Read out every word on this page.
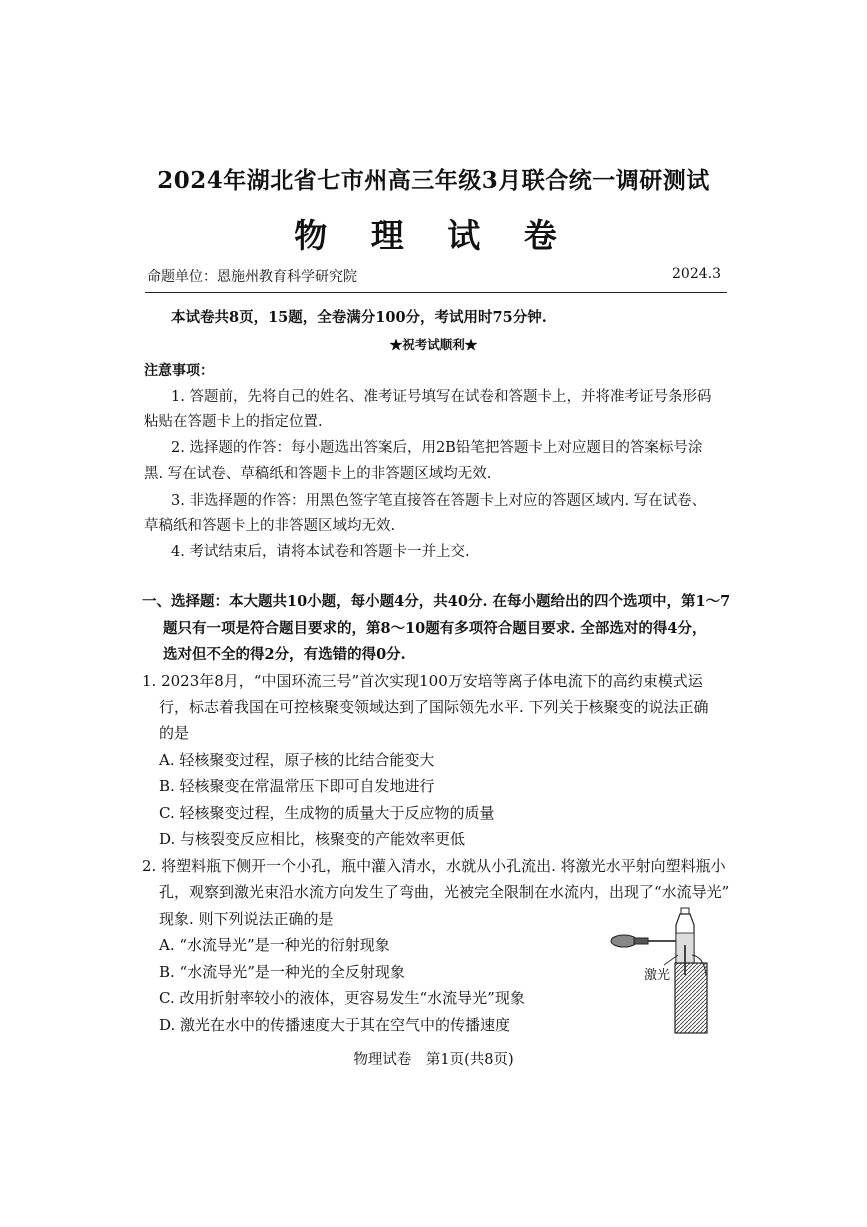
2024年湖北省七市州高三年级3月联合统一调研测试
物 理 试 卷
命题单位：恩施州教育科学研究院	2024.3
本试卷共8页，15题，全卷满分100分，考试用时75分钟.
★祝考试顺利★
注意事项：
1. 答题前，先将自己的姓名、准考证号填写在试卷和答题卡上，并将准考证号条形码
粘贴在答题卡上的指定位置.
2. 选择题的作答：每小题选出答案后，用2B铅笔把答题卡上对应题目的答案标号涂
黑. 写在试卷、草稿纸和答题卡上的非答题区域均无效.
3. 非选择题的作答：用黑色签字笔直接答在答题卡上对应的答题区域内. 写在试卷、
草稿纸和答题卡上的非答题区域均无效.
4. 考试结束后，请将本试卷和答题卡一并上交.
一、选择题：本大题共10小题，每小题4分，共40分. 在每小题给出的四个选项中，第1～7
题只有一项是符合题目要求的，第8～10题有多项符合题目要求. 全部选对的得4分，
选对但不全的得2分，有选错的得0分.
1. 2023年8月，“中国环流三号”首次实现100万安培等离子体电流下的高约束模式运
行，标志着我国在可控核聚变领域达到了国际领先水平. 下列关于核聚变的说法正确
的是
A. 轻核聚变过程，原子核的比结合能变大
B. 轻核聚变在常温常压下即可自发地进行
C. 轻核聚变过程，生成物的质量大于反应物的质量
D. 与核裂变反应相比，核聚变的产能效率更低
2. 将塑料瓶下侧开一个小孔，瓶中灌入清水，水就从小孔流出. 将激光水平射向塑料瓶小
孔，观察到激光束沿水流方向发生了弯曲，光被完全限制在水流内，出现了“水流导光”
现象. 则下列说法正确的是
A. “水流导光”是一种光的衍射现象
B. “水流导光”是一种光的全反射现象
C. 改用折射率较小的液体，更容易发生“水流导光”现象
D. 激光在水中的传播速度大于其在空气中的传播速度
激光
物理试卷　第1页(共8页)
